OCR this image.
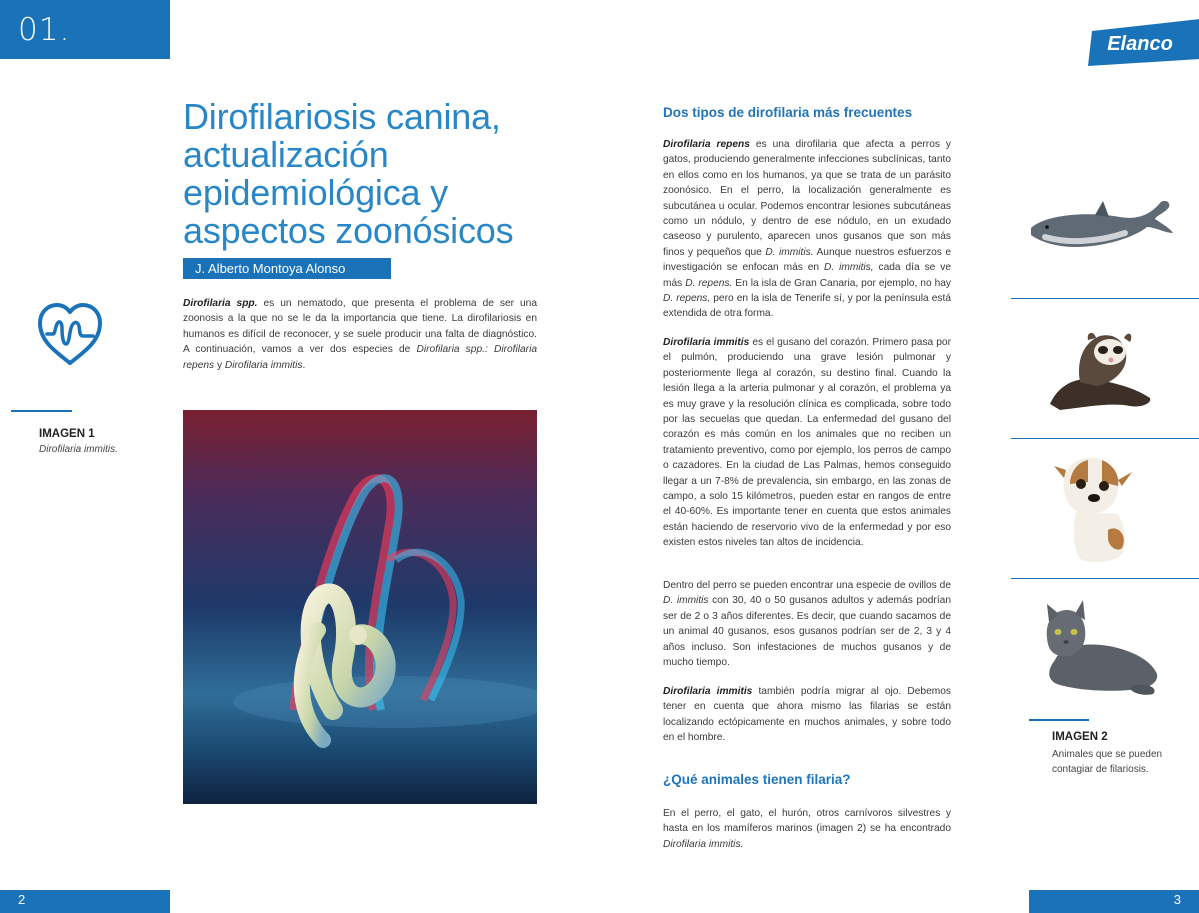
01.	Elanco
Dirofilariosis canina,
actualización
epidemiológica y
aspectos zoonósicos
J. Alberto Montoya Alonso

Dirofilaria spp. es un nematodo, que presenta el problema de ser una zoonosis a la que no se le da la importancia que tiene. La dirofilariosis en humanos es difícil de reconocer, y se suele producir una falta de diagnóstico. A continuación, vamos a ver dos especies de Dirofilaria spp.: Dirofilaria repens y Dirofilaria immitis.

IMAGEN 1
Dirofilaria immitis.
Dos tipos de dirofilaria más frecuentes

Dirofilaria repens es una dirofilaria que afecta a perros y gatos, produciendo generalmente infecciones subclínicas, tanto en ellos como en los humanos, ya que se trata de un parásito zoonósico. En el perro, la localización generalmente es subcutánea u ocular. Podemos encontrar lesiones subcutáneas como un nódulo, y dentro de ese nódulo, en un exudado caseoso y purulento, aparecen unos gusanos que son más finos y pequeños que D. immitis. Aunque nuestros esfuerzos e investigación se enfocan más en D. immitis, cada día se ve más D. repens. En la isla de Gran Canaria, por ejemplo, no hay D. repens, pero en la isla de Tenerife sí, y por la península está extendida de otra forma.

Dirofilaria immitis es el gusano del corazón. Primero pasa por el pulmón, produciendo una grave lesión pulmonar y posteriormente llega al corazón, su destino final. Cuando la lesión llega a la arteria pulmonar y al corazón, el problema ya es muy grave y la resolución clínica es complicada, sobre todo por las secuelas que quedan. La enfermedad del gusano del corazón es más común en los animales que no reciben un tratamiento preventivo, como por ejemplo, los perros de campo o cazadores. En la ciudad de Las Palmas, hemos conseguido llegar a un 7-8% de prevalencia, sin embargo, en las zonas de campo, a solo 15 kilómetros, pueden estar en rangos de entre el 40-60%. Es importante tener en cuenta que estos animales están haciendo de reservorio vivo de la enfermedad y por eso existen estos niveles tan altos de incidencia.

Dentro del perro se pueden encontrar una especie de ovillos de D. immitis con 30, 40 o 50 gusanos adultos y además podrían ser de 2 o 3 años diferentes. Es decir, que cuando sacamos de un animal 40 gusanos, esos gusanos podrían ser de 2, 3 y 4 años incluso. Son infestaciones de muchos gusanos y de mucho tiempo.

Dirofilaria immitis también podría migrar al ojo. Debemos tener en cuenta que ahora mismo las filarias se están localizando ectópicamente en muchos animales, y sobre todo en el hombre.

¿Qué animales tienen filaria?

En el perro, el gato, el hurón, otros carnívoros silvestres y hasta en los mamíferos marinos (imagen 2) se ha encontrado Dirofilaria immitis.

IMAGEN 2
Animales que se pueden contagiar de filariosis.
2	3
